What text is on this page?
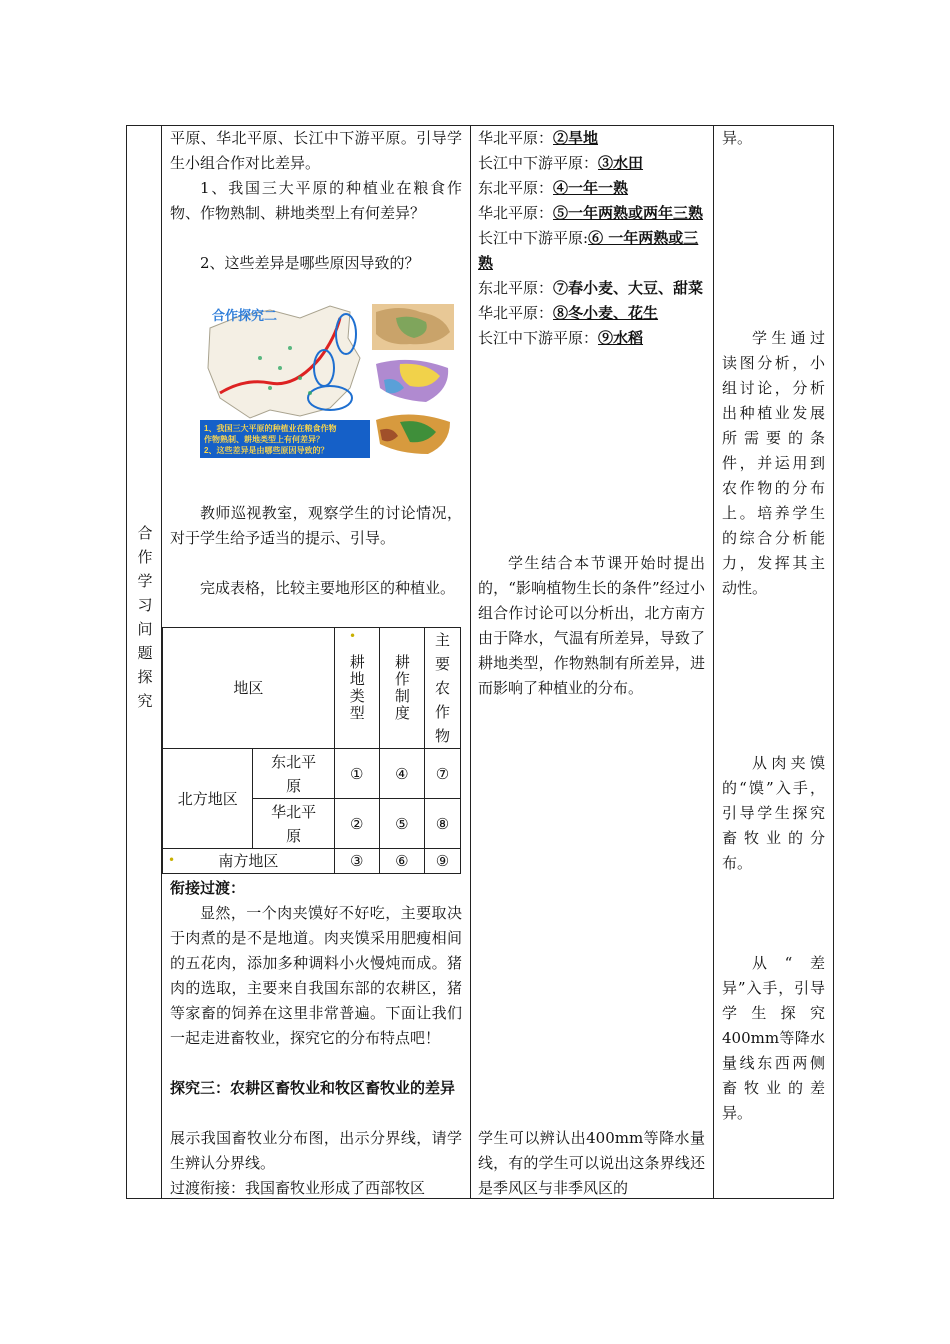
合
作
学
习
问
题
探
究
平原、华北平原、长江中下游平原。引导学生小组合作对比差异。
1、我国三大平原的种植业在粮食作物、作物熟制、耕地类型上有何差异？
2、这些差异是哪些原因导致的？
合作探究二
1、我国三大平原的种植业在粮食作物
作物熟制、耕地类型上有何差异？
2、这些差异是由哪些原因导致的？
教师巡视教室，观察学生的讨论情况，对于学生给予适当的提示、引导。
完成表格，比较主要地形区的种植业。
地区		耕地类型	耕作制度	主要农作物
北方地区	东北平原	①	④	⑦
	华北平原	②	⑤	⑧
南方地区		③	⑥	⑨
•
•
衔接过渡：
显然，一个肉夹馍好不好吃，主要取决于肉煮的是不是地道。肉夹馍采用肥瘦相间的五花肉，添加多种调料小火慢炖而成。猪肉的选取，主要来自我国东部的农耕区，猪等家畜的饲养在这里非常普遍。下面让我们一起走进畜牧业，探究它的分布特点吧！
探究三：农耕区畜牧业和牧区畜牧业的差异
展示我国畜牧业分布图，出示分界线，请学生辨认分界线。
过渡衔接：我国畜牧业形成了西部牧区
华北平原：②旱地
长江中下游平原：③水田
东北平原：④一年一熟
华北平原：⑤一年两熟或两年三熟
长江中下游平原:⑥ 一年两熟或三熟
东北平原：⑦春小麦、大豆、甜菜
华北平原：⑧冬小麦、花生
长江中下游平原：⑨水稻
学生结合本节课开始时提出的，“影响植物生长的条件”经过小组合作讨论可以分析出，北方南方由于降水，气温有所差异，导致了耕地类型，作物熟制有所差异，进而影响了种植业的分布。
学生可以辨认出400mm等降水量线，有的学生可以说出这条界线还是季风区与非季风区的
异。
学生通过读图分析，小组讨论，分析出种植业发展所需要的条件，并运用到农作物的分布上。培养学生的综合分析能力，发挥其主动性。
从肉夹馍的“馍”入手，引导学生探究畜牧业的分布。
从“差异”入手，引导学生探究400mm等降水量线东西两侧畜牧业的差异。
